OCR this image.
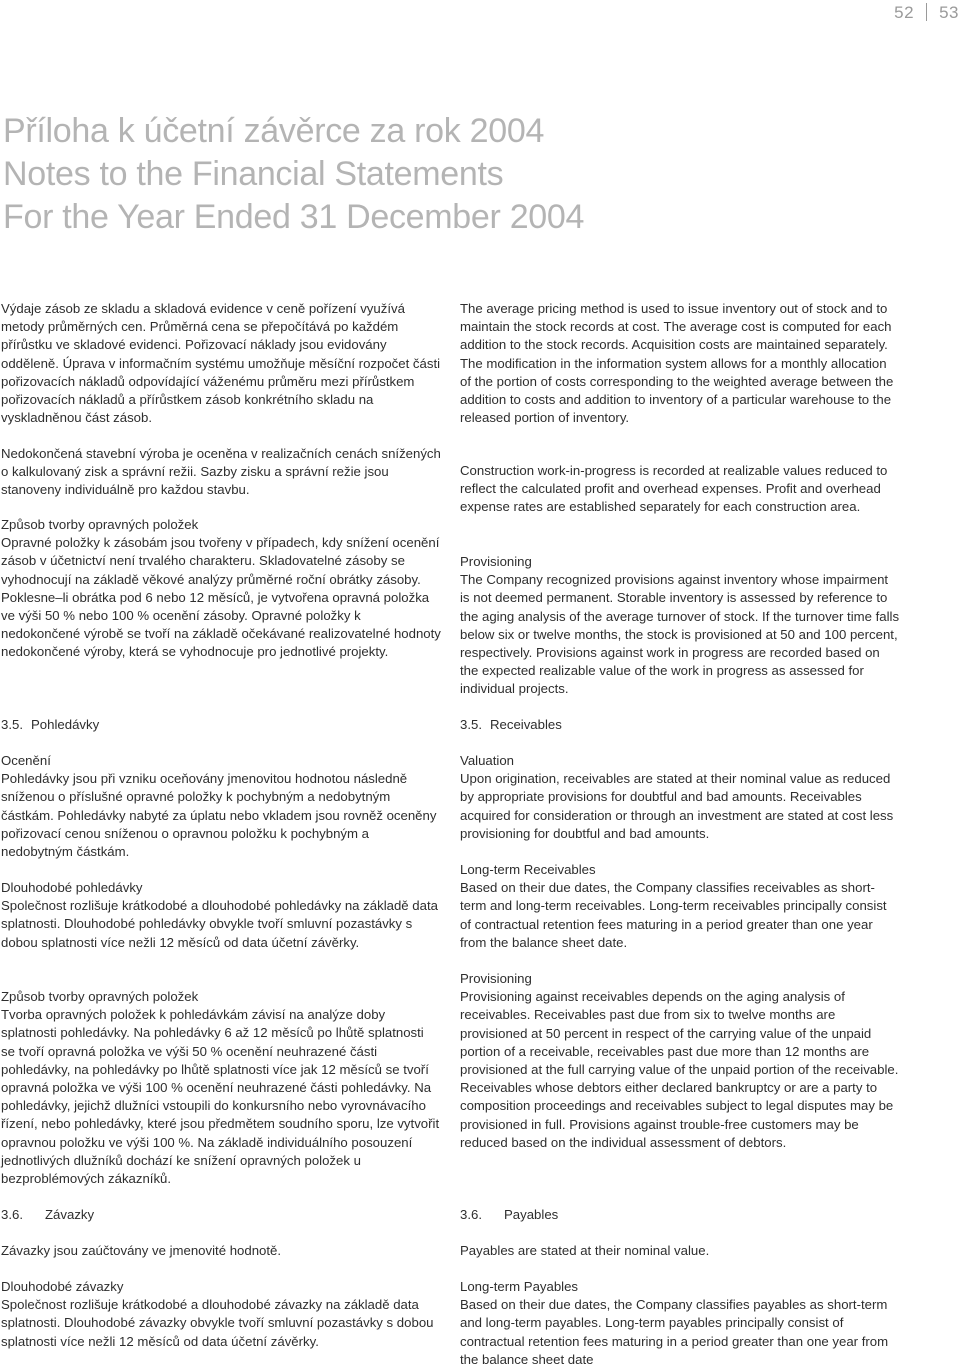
52 53
Příloha k účetní závěrce za rok 2004
Notes to the Financial Statements
For the Year Ended 31 December 2004

Výdaje zásob ze skladu a skladová evidence v ceně pořízení využívá metody průměrných cen. Průměrná cena se přepočítává po každém přírůstku ve skladové evidenci. Pořizovací náklady jsou evidovány odděleně. Úprava v informačním systému umožňuje měsíční rozpočet části pořizovacích nákladů odpovídající váženému průměru mezi přírůstkem pořizovacích nákladů a přírůstkem zásob konkrétního skladu na vyskladněnou část zásob.

Nedokončená stavební výroba je oceněna v realizačních cenách snížených o kalkulovaný zisk a správní režii. Sazby zisku a správní režie jsou stanoveny individuálně pro každou stavbu.

Způsob tvorby opravných položek

Opravné položky k zásobám jsou tvořeny v případech, kdy snížení ocenění zásob v účetnictví není trvalého charakteru. Skladovatelné zásoby se vyhodnocují na základě věkové analýzy průměrné roční obrátky zásoby. Poklesne–li obrátka pod 6 nebo 12 měsíců, je vytvořena opravná položka ve výši 50 % nebo 100 % ocenění zásoby. Opravné položky k nedokončené výrobě se tvoří na základě očekávané realizovatelné hodnoty nedokončené výroby, která se vyhodnocuje pro jednotlivé projekty.

3.5. Pohledávky
Ocenění

Pohledávky jsou při vzniku oceňovány jmenovitou hodnotou následně sníženou o příslušné opravné položky k pochybným a nedobytným částkám. Pohledávky nabyté za úplatu nebo vkladem jsou rovněž oceněny pořizovací cenou sníženou o opravnou položku k pochybným a nedobytným částkám.

Dlouhodobé pohledávky

Společnost rozlišuje krátkodobé a dlouhodobé pohledávky na základě data splatnosti. Dlouhodobé pohledávky obvykle tvoří smluvní pozastávky s dobou splatnosti více nežli 12 měsíců od data účetní závěrky.

Způsob tvorby opravných položek

Tvorba opravných položek k pohledávkám závisí na analýze doby splatnosti pohledávky. Na pohledávky 6 až 12 měsíců po lhůtě splatnosti se tvoří opravná položka ve výši 50 % ocenění neuhrazené části pohledávky, na pohledávky po lhůtě splatnosti více jak 12 měsíců se tvoří opravná položka ve výši 100 % ocenění neuhrazené části pohledávky. Na pohledávky, jejichž dlužníci vstoupili do konkursního nebo vyrovnávacího řízení, nebo pohledávky, které jsou předmětem soudního sporu, lze vytvořit opravnou položku ve výši 100 %. Na základě individuálního posouzení jednotlivých dlužníků dochází ke snížení opravných položek u bezproblémových zákazníků.

3.6. Závazky

Závazky jsou zaúčtovány ve jmenovité hodnotě.

Dlouhodobé závazky

Společnost rozlišuje krátkodobé a dlouhodobé závazky na základě data splatnosti. Dlouhodobé závazky obvykle tvoří smluvní pozastávky s dobou splatnosti více nežli 12 měsíců od data účetní závěrky.

The average pricing method is used to issue inventory out of stock and to maintain the stock records at cost. The average cost is computed for each addition to the stock records. Acquisition costs are maintained separately. The modification in the information system allows for a monthly allocation of the portion of costs corresponding to the weighted average between the addition to costs and addition to inventory of a particular warehouse to the released portion of inventory.

Construction work-in-progress is recorded at realizable values reduced to reflect the calculated profit and overhead expenses. Profit and overhead expense rates are established separately for each construction area.

Provisioning

The Company recognized provisions against inventory whose impairment is not deemed permanent. Storable inventory is assessed by reference to the aging analysis of the average turnover of stock. If the turnover time falls below six or twelve months, the stock is provisioned at 50 and 100 percent, respectively. Provisions against work in progress are recorded based on the expected realizable value of the work in progress as assessed for individual projects.

3.5. Receivables
Valuation

Upon origination, receivables are stated at their nominal value as reduced by appropriate provisions for doubtful and bad amounts. Receivables acquired for consideration or through an investment are stated at cost less provisioning for doubtful and bad amounts.

Long-term Receivables

Based on their due dates, the Company classifies receivables as short-term and long-term receivables. Long-term receivables principally consist of contractual retention fees maturing in a period greater than one year from the balance sheet date.

Provisioning

Provisioning against receivables depends on the aging analysis of receivables. Receivables past due from six to twelve months are provisioned at 50 percent in respect of the carrying value of the unpaid portion of a receivable, receivables past due more than 12 months are provisioned at the full carrying value of the unpaid portion of the receivable. Receivables whose debtors either declared bankruptcy or are a party to composition proceedings and receivables subject to legal disputes may be provisioned in full. Provisions against trouble-free customers may be reduced based on the individual assessment of debtors.

3.6. Payables

Payables are stated at their nominal value.

Long-term Payables

Based on their due dates, the Company classifies payables as short-term and long-term payables. Long-term payables principally consist of contractual retention fees maturing in a period greater than one year from the balance sheet date
